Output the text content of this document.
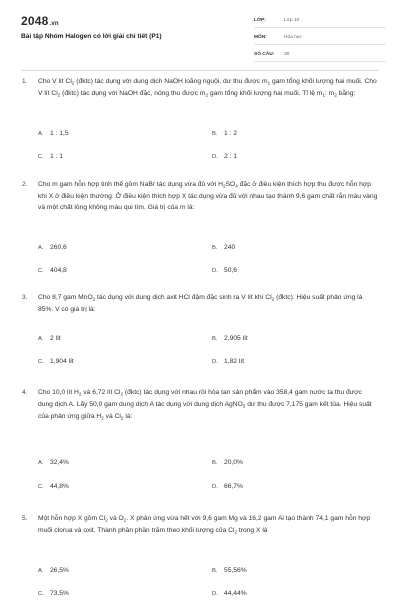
2048.vn
Bài tập Nhóm Halogen có lời giải chi tiết (P1)
LỚP:	Lớp 10
MÔN:	Hóa học
SỐ CÂU:	30
1. Cho V lít $Cl_2$ (đktc) tác dụng với dung dịch NaOH loãng nguội, dư thu được $m_1$ gam tổng khối lượng hai muối. Cho V lít $Cl_2$ (đktc) tác dụng với NaOH đặc, nóng thu được $m_2$ gam tổng khối lượng hai muối. Tỉ lệ $m_1$: $m_2$ bằng:
A. 1 : 1,5	B. 1 : 2
C. 1 : 1	D. 2 : 1
2. Cho m gam hỗn hợp tinh thể gồm NaBr tác dụng vừa đủ với $H_2SO_4$ đặc ở điều kiện thích hợp thu được hỗn hợp khí X ở điều kiện thường. Ở điều kiện thích hợp X tác dụng vừa đủ với nhau tạo thành 9,6 gam chất rắn màu vàng và một chất lỏng không màu qui tím. Giá trị của m là:
A. 260,6	B. 240
C. 404,8	D. 50,6
3. Cho 8,7 gam MnO$_2$ tác dụng với dung dịch axit HCl đậm đặc sinh ra V lít khí $Cl_2$ (đktc). Hiệu suất phản ứng là 85%. V có giá trị là:
A. 2 lít	B. 2,905 lít
C. 1,904 lít	D. 1,82 lít
4. Cho 10,0 lít $H_2$ và 6,72 lít $Cl_2$ (đktc) tác dụng với nhau rồi hòa tan sản phẩm vào 358,4 gam nước ta thu được dung dịch A. Lấy 50,0 gam dung dịch A tác dụng với dung dịch AgNO$_3$ dư thu được 7,175 gam kết tủa. Hiệu suất của phản ứng giữa $H_2$ và $Cl_2$ là:
A. 32,4%	B. 20,0%
C. 44,8%	D. 66,7%
5. Một hỗn hợp X gồm $Cl_2$ và $O_2$. X phản ứng vừa hết với 9,6 gam Mg và 16,2 gam Al tạo thành 74,1 gam hỗn hợp muối clorua và oxit. Thành phần phần trăm theo khối lượng của $Cl_2$ trong X là
A. 26,5%	B. 55,56%
C. 73,5%	D. 44,44%
